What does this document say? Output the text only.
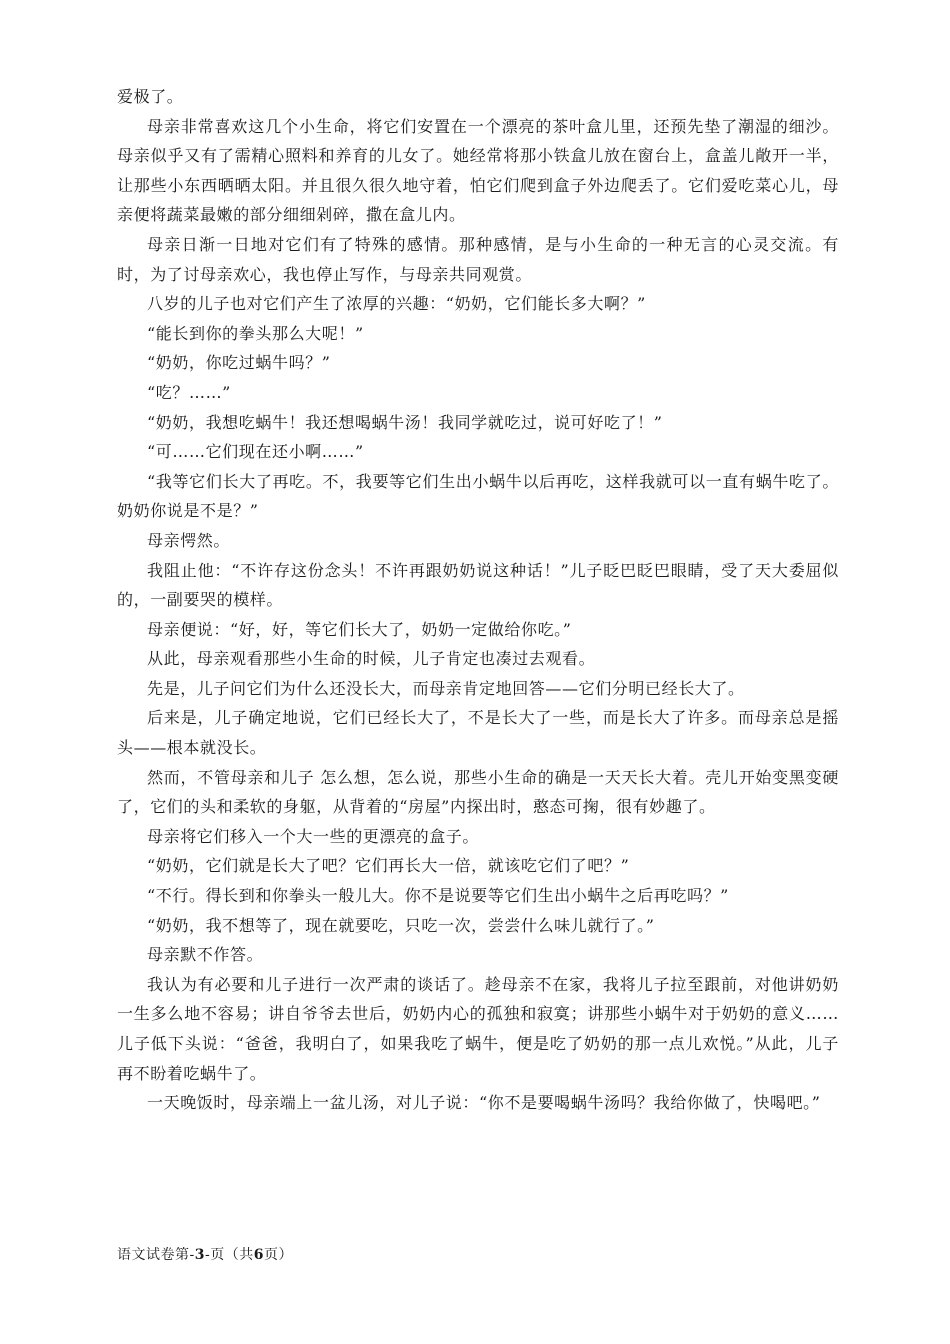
爱极了。

母亲非常喜欢这几个小生命，将它们安置在一个漂亮的茶叶盒儿里，还预先垫了潮湿的细沙。母亲似乎又有了需精心照料和养育的儿女了。她经常将那小铁盒儿放在窗台上，盒盖儿敞开一半，让那些小东西晒晒太阳。并且很久很久地守着，怕它们爬到盒子外边爬丢了。它们爱吃菜心儿，母亲便将蔬菜最嫩的部分细细剁碎，撒在盒儿内。

母亲日渐一日地对它们有了特殊的感情。那种感情，是与小生命的一种无言的心灵交流。有时，为了讨母亲欢心，我也停止写作，与母亲共同观赏。

八岁的儿子也对它们产生了浓厚的兴趣：“奶奶，它们能长多大啊？”

“能长到你的拳头那么大呢！”

“奶奶，你吃过蜗牛吗？”

“吃？……”

“奶奶，我想吃蜗牛！我还想喝蜗牛汤！我同学就吃过，说可好吃了！”

“可……它们现在还小啊……”

“我等它们长大了再吃。不，我要等它们生出小蜗牛以后再吃，这样我就可以一直有蜗牛吃了。奶奶你说是不是？”

母亲愕然。

我阻止他：“不许存这份念头！不许再跟奶奶说这种话！”儿子眨巴眨巴眼睛，受了天大委屈似的，一副要哭的模样。

母亲便说：“好，好，等它们长大了，奶奶一定做给你吃。”

从此，母亲观看那些小生命的时候，儿子肯定也凑过去观看。

先是，儿子问它们为什么还没长大，而母亲肯定地回答——它们分明已经长大了。

后来是，儿子确定地说，它们已经长大了，不是长大了一些，而是长大了许多。而母亲总是摇头——根本就没长。

然而，不管母亲和儿子 怎么想，怎么说，那些小生命的确是一天天长大着。壳儿开始变黑变硬了，它们的头和柔软的身躯，从背着的“房屋”内探出时，憨态可掬，很有妙趣了。

母亲将它们移入一个大一些的更漂亮的盒子。

“奶奶，它们就是长大了吧？它们再长大一倍，就该吃它们了吧？”

“不行。得长到和你拳头一般儿大。你不是说要等它们生出小蜗牛之后再吃吗？”

“奶奶，我不想等了，现在就要吃，只吃一次，尝尝什么味儿就行了。”

母亲默不作答。

我认为有必要和儿子进行一次严肃的谈话了。趁母亲不在家，我将儿子拉至跟前，对他讲奶奶一生多么地不容易；讲自爷爷去世后，奶奶内心的孤独和寂寞；讲那些小蜗牛对于奶奶的意义……儿子低下头说：“爸爸，我明白了，如果我吃了蜗牛，便是吃了奶奶的那一点儿欢悦。”从此，儿子再不盼着吃蜗牛了。

一天晚饭时，母亲端上一盆儿汤，对儿子说：“你不是要喝蜗牛汤吗？我给你做了，快喝吧。”

语文试卷第-3-页（共6页）
